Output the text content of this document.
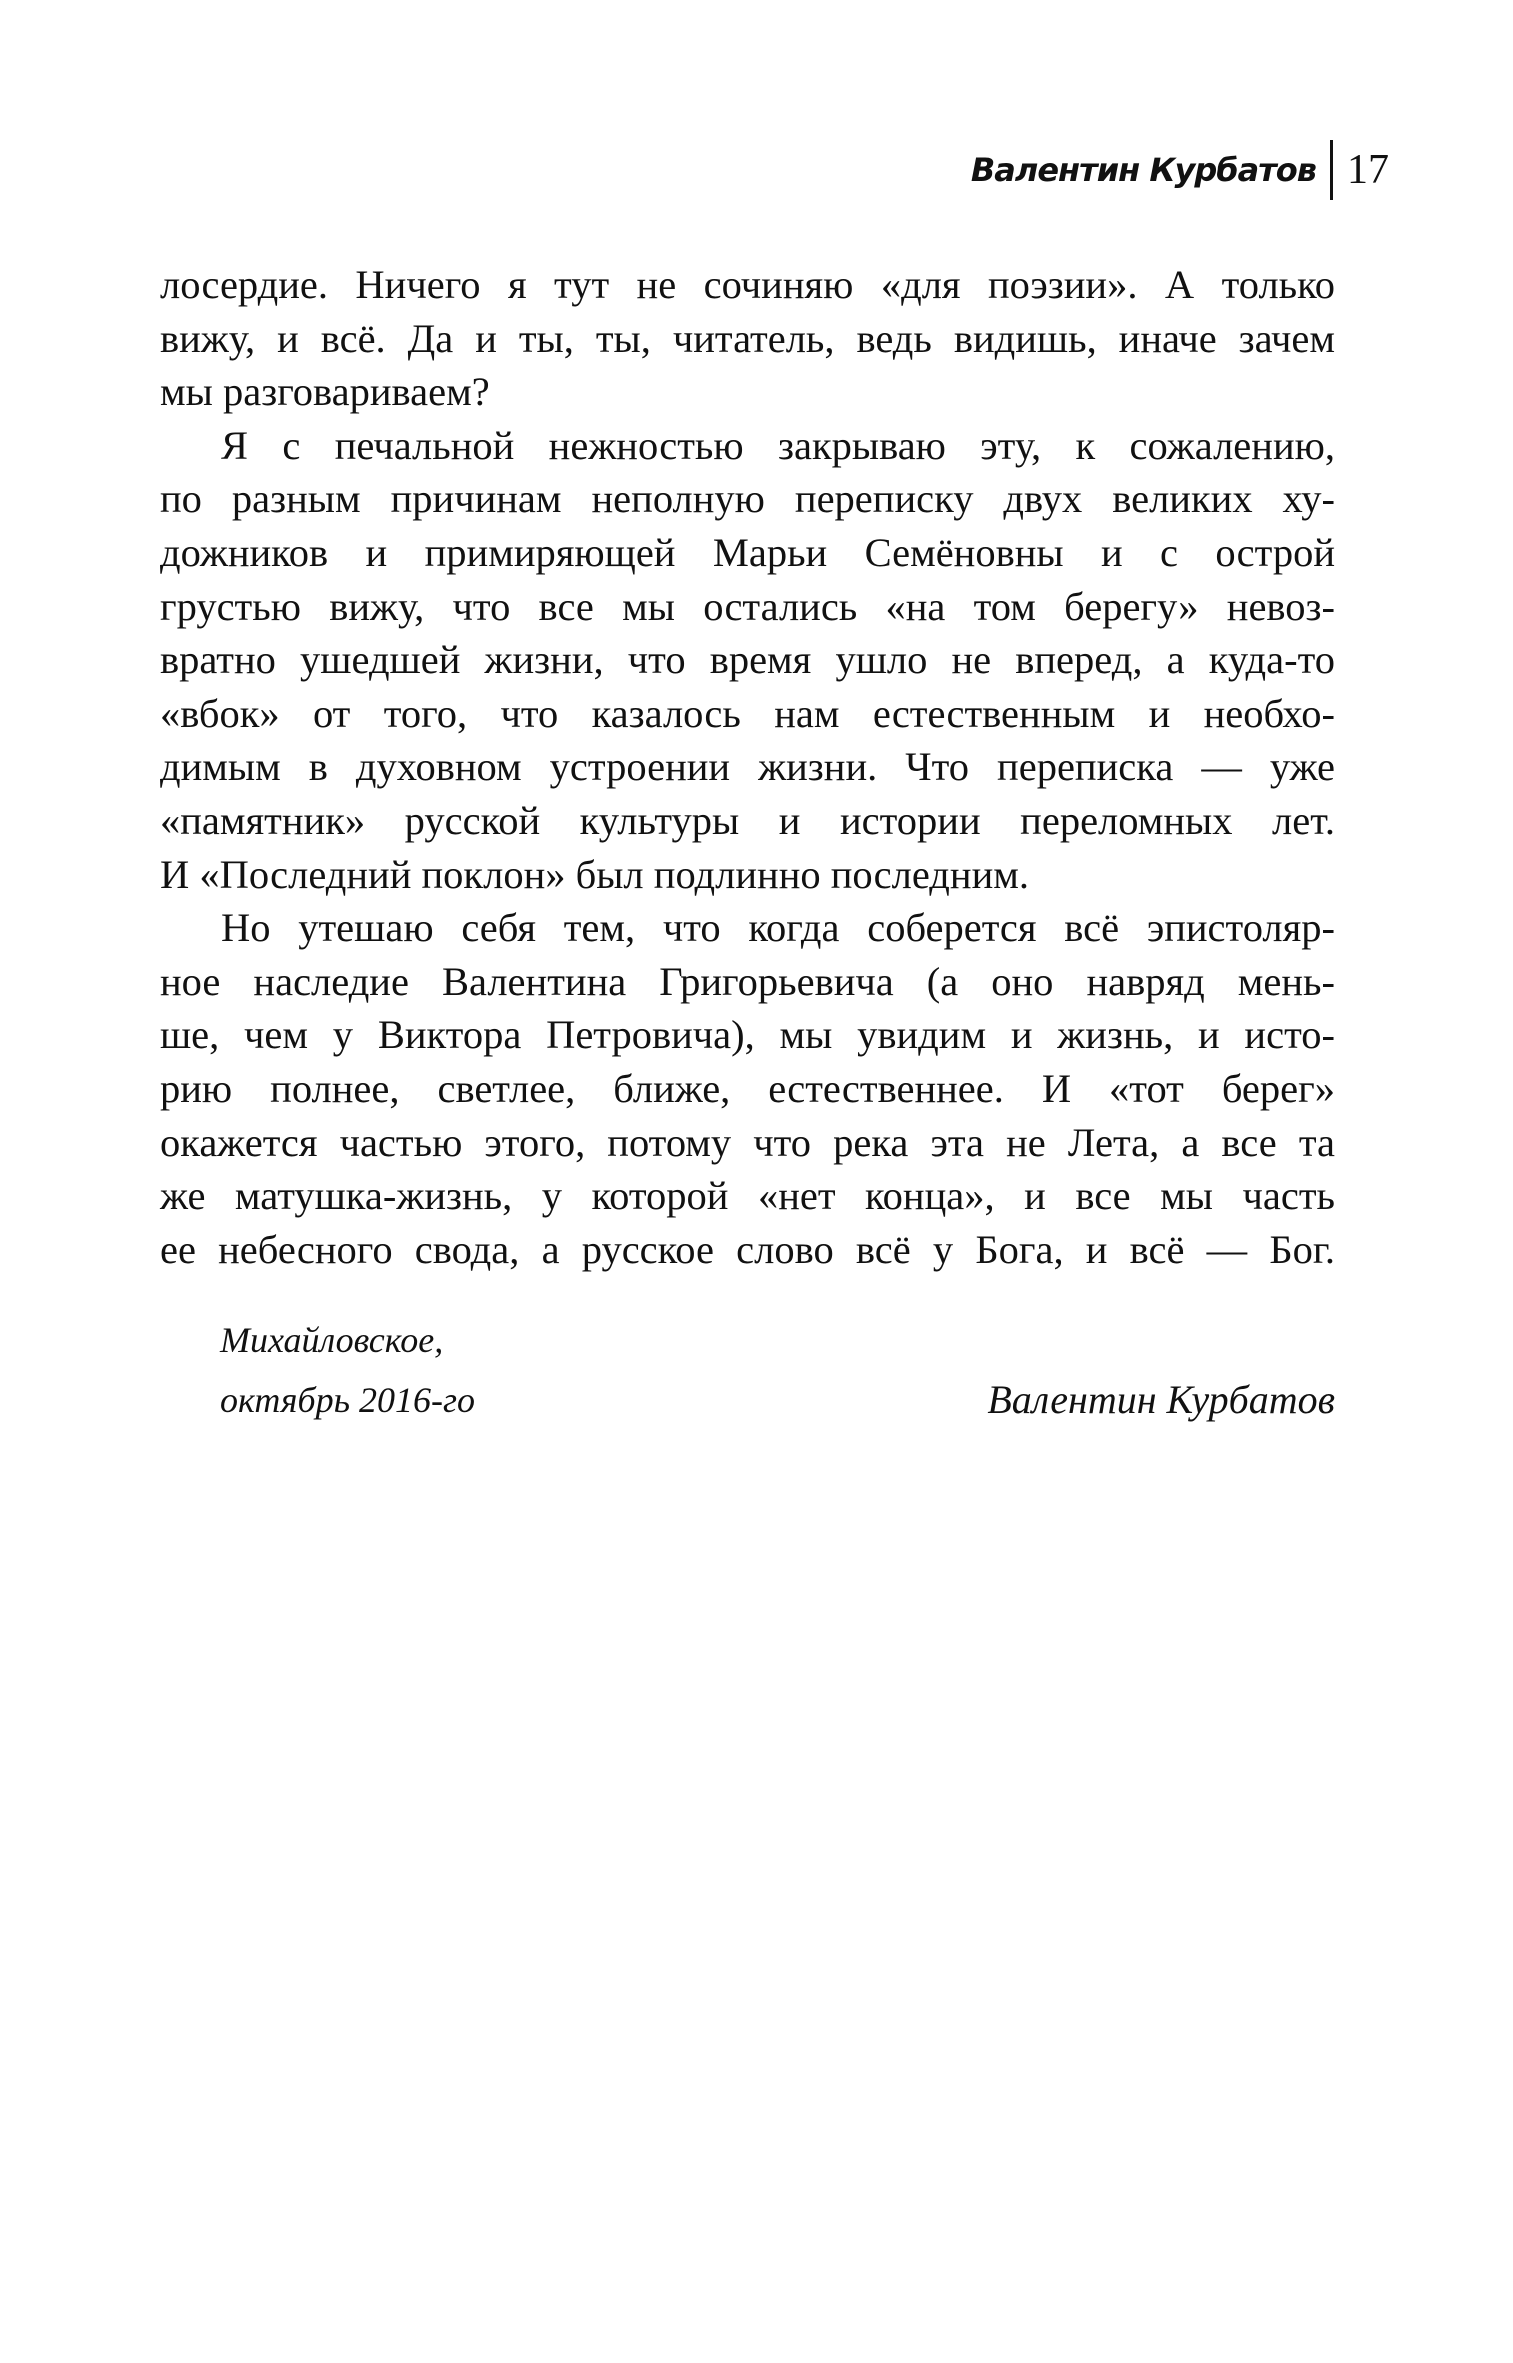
Валентин Курбатов 17

лосердие. Ничего я тут не сочиняю «для поэзии». А только
вижу, и всё. Да и ты, ты, читатель, ведь видишь, иначе зачем
мы разговариваем?

Я с печальной нежностью закрываю эту, к сожалению,
по разным причинам неполную переписку двух великих ху-
дожников и примиряющей Марьи Семёновны и с острой
грустью вижу, что все мы остались «на том берегу» невоз-
вратно ушедшей жизни, что время ушло не вперед, а куда-то
«вбок» от того, что казалось нам естественным и необхо-
димым в духовном устроении жизни. Что переписка — уже
«памятник» русской культуры и истории переломных лет.
И «Последний поклон» был подлинно последним.

Но утешаю себя тем, что когда соберется всё эпистоляр-
ное наследие Валентина Григорьевича (а оно навряд мень-
ше, чем у Виктора Петровича), мы увидим и жизнь, и исто-
рию полнее, светлее, ближе, естественнее. И «тот берег»
окажется частью этого, потому что река эта не Лета, а все та
же матушка-жизнь, у которой «нет конца», и все мы часть
ее небесного свода, а русское слово всё у Бога, и всё — Бог.

Михайловское,
октябрь 2016-го	Валентин Курбатов
